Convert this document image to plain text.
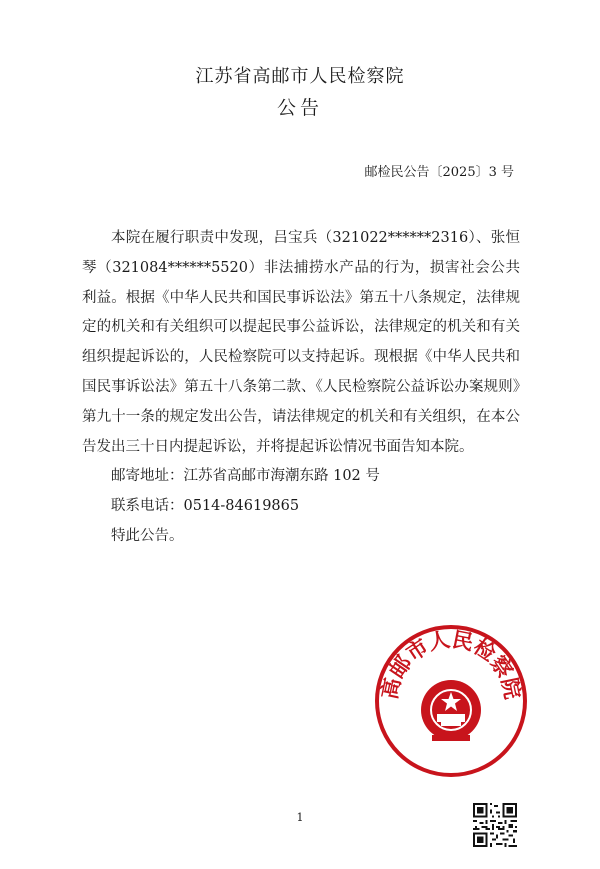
江苏省高邮市人民检察院
公告
邮检民公告〔2025〕3 号

本院在履行职责中发现，吕宝兵（321022******2316）、张恒琴（321084******5520）非法捕捞水产品的行为，损害社会公共利益。根据《中华人民共和国民事诉讼法》第五十八条规定，法律规定的机关和有关组织可以提起民事公益诉讼，法律规定的机关和有关组织提起诉讼的，人民检察院可以支持起诉。现根据《中华人民共和国民事诉讼法》第五十八条第二款、《人民检察院公益诉讼办案规则》第九十一条的规定发出公告，请法律规定的机关和有关组织，在本公告发出三十日内提起诉讼，并将提起诉讼情况书面告知本院。

邮寄地址：江苏省高邮市海潮东路 102 号

联系电话：0514-84619865

特此公告。

高邮市人民检察院
1
